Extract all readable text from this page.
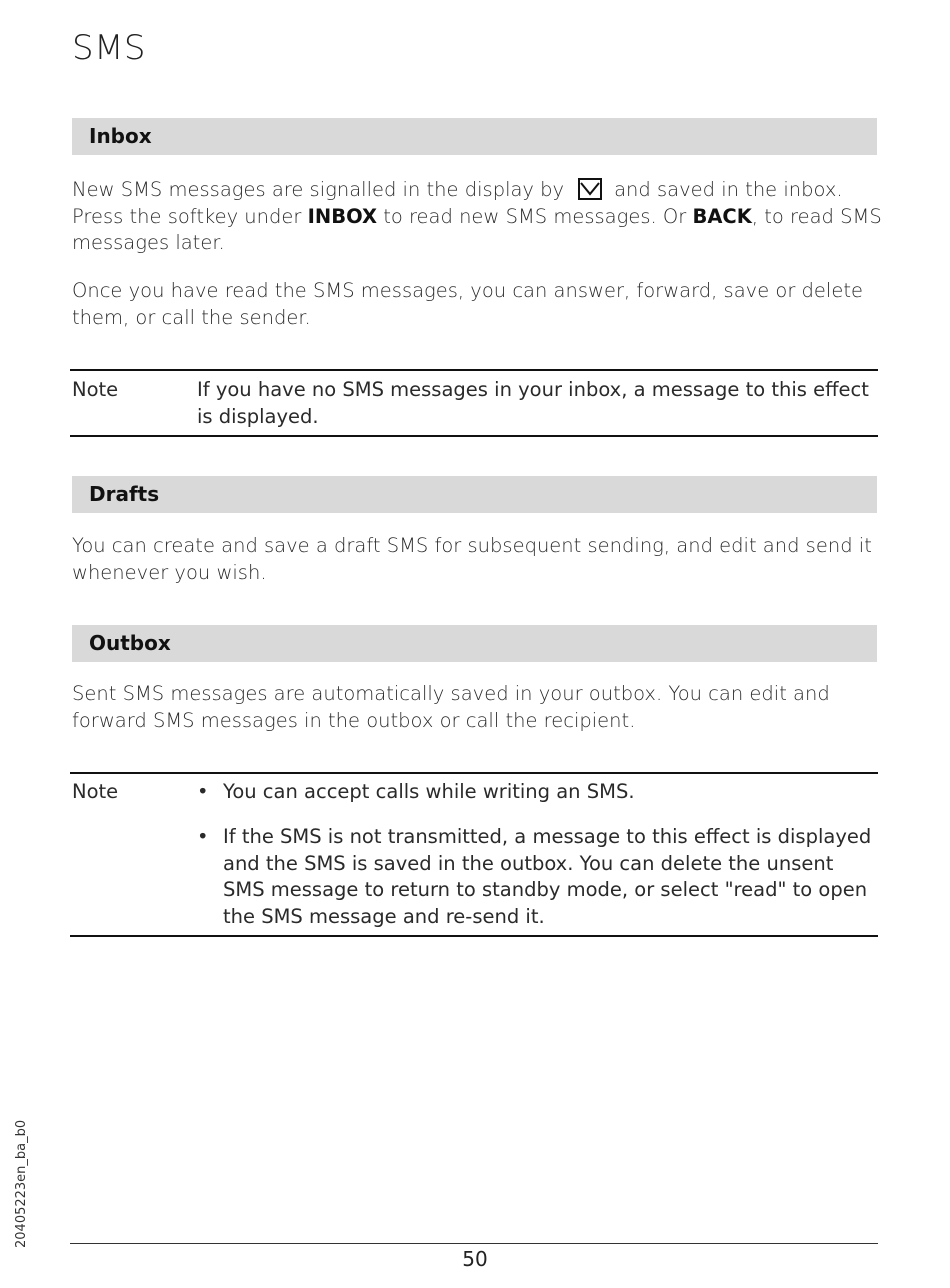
SMS
Inbox

New SMS messages are signalled in the display by	and saved in the inbox. Press the softkey under INBOX to read new SMS messages. Or BACK, to read SMS messages later.

Once you have read the SMS messages, you can answer, forward, save or delete them, or call the sender.

Note	If you have no SMS messages in your inbox, a message to this effect is displayed.

Drafts

You can create and save a draft SMS for subsequent sending, and edit and send it whenever you wish.

Outbox

Sent SMS messages are automatically saved in your outbox. You can edit and forward SMS messages in the outbox or call the recipient.

Note	• You can accept calls while writing an SMS.
• If the SMS is not transmitted, a message to this effect is displayed and the SMS is saved in the outbox. You can delete the unsent SMS message to return to standby mode, or select "read" to open the SMS message and re-send it.
20405223en_ba_b0
50
